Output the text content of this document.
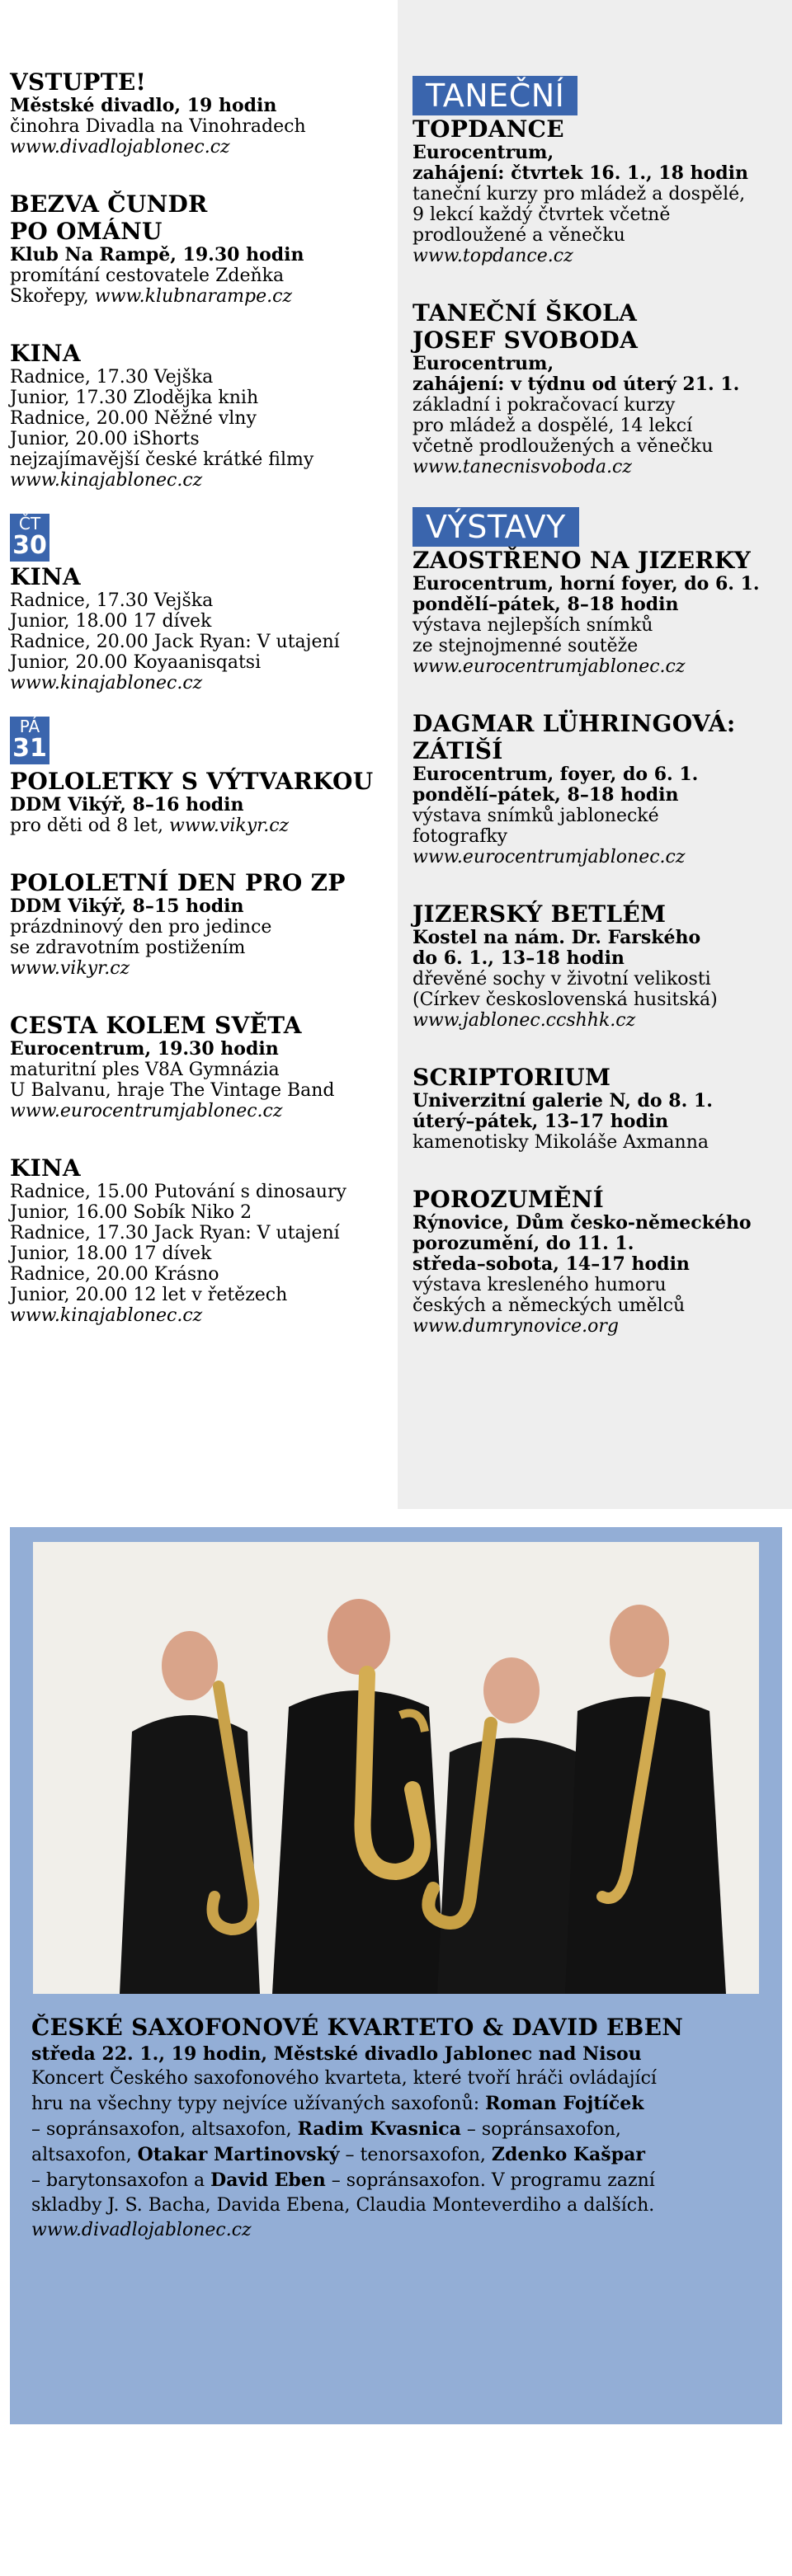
VSTUPTE!
Městské divadlo, 19 hodin
činohra Divadla na Vinohradech
www.divadlojablonec.cz
BEZVA ČUNDR
PO OMÁNU
Klub Na Rampě, 19.30 hodin
promítání cestovatele Zdeňka
Skořepy, www.klubnarampe.cz
KINA
Radnice, 17.30 Vejška
Junior, 17.30 Zlodějka knih
Radnice, 20.00 Něžné vlny
Junior, 20.00 iShorts
nejzajímavější české krátké filmy
www.kinajablonec.cz
ČT
30
KINA
Radnice, 17.30 Vejška
Junior, 18.00 17 dívek
Radnice, 20.00 Jack Ryan: V utajení
Junior, 20.00 Koyaanisqatsi
www.kinajablonec.cz
PÁ
31
POLOLETKY S VÝTVARKOU
DDM Vikýř, 8–16 hodin
pro děti od 8 let, www.vikyr.cz
POLOLETNÍ DEN PRO ZP
DDM Vikýř, 8–15 hodin
prázdninový den pro jedince
se zdravotním postižením
www.vikyr.cz
CESTA KOLEM SVĚTA
Eurocentrum, 19.30 hodin
maturitní ples V8A Gymnázia
U Balvanu, hraje The Vintage Band
www.eurocentrumjablonec.cz
KINA
Radnice, 15.00 Putování s dinosaury
Junior, 16.00 Sobík Niko 2
Radnice, 17.30 Jack Ryan: V utajení
Junior, 18.00 17 dívek
Radnice, 20.00 Krásno
Junior, 20.00 12 let v řetězech
www.kinajablonec.cz
TANEČNÍ
TOPDANCE
Eurocentrum,
zahájení: čtvrtek 16. 1., 18 hodin
taneční kurzy pro mládež a dospělé,
9 lekcí každý čtvrtek včetně
prodloužené a věnečku
www.topdance.cz
TANEČNÍ ŠKOLA
JOSEF SVOBODA
Eurocentrum,
zahájení: v týdnu od úterý 21. 1.
základní i pokračovací kurzy
pro mládež a dospělé, 14 lekcí
včetně prodloužených a věnečku
www.tanecnisvoboda.cz
VÝSTAVY
ZAOSTŘENO NA JIZERKY
Eurocentrum, horní foyer, do 6. 1.
pondělí–pátek, 8–18 hodin
výstava nejlepších snímků
ze stejnojmenné soutěže
www.eurocentrumjablonec.cz
DAGMAR LÜHRINGOVÁ:
ZÁTIŠÍ
Eurocentrum, foyer, do 6. 1.
pondělí–pátek, 8–18 hodin
výstava snímků jablonecké
fotografky
www.eurocentrumjablonec.cz
JIZERSKÝ BETLÉM
Kostel na nám. Dr. Farského
do 6. 1., 13–18 hodin
dřevěné sochy v životní velikosti
(Církev československá husitská)
www.jablonec.ccshhk.cz
SCRIPTORIUM
Univerzitní galerie N, do 8. 1.
úterý–pátek, 13–17 hodin
kamenotisky Mikoláše Axmanna
POROZUMĚNÍ
Rýnovice, Dům česko-německého
porozumění, do 11. 1.
středa–sobota, 14–17 hodin
výstava kresleného humoru
českých a německých umělců
www.dumrynovice.org
ČESKÉ SAXOFONOVÉ KVARTETO & DAVID EBEN
středa 22. 1., 19 hodin, Městské divadlo Jablonec nad Nisou
Koncert Českého saxofonového kvarteta, které tvoří hráči ovládající
hru na všechny typy nejvíce užívaných saxofonů: Roman Fojtíček
– sopránsaxofon, altsaxofon, Radim Kvasnica – sopránsaxofon,
altsaxofon, Otakar Martinovský – tenorsaxofon, Zdenko Kašpar
– barytonsaxofon a David Eben – sopránsaxofon. V programu zazní
skladby J. S. Bacha, Davida Ebena, Claudia Monteverdiho a dalších.
www.divadlojablonec.cz
